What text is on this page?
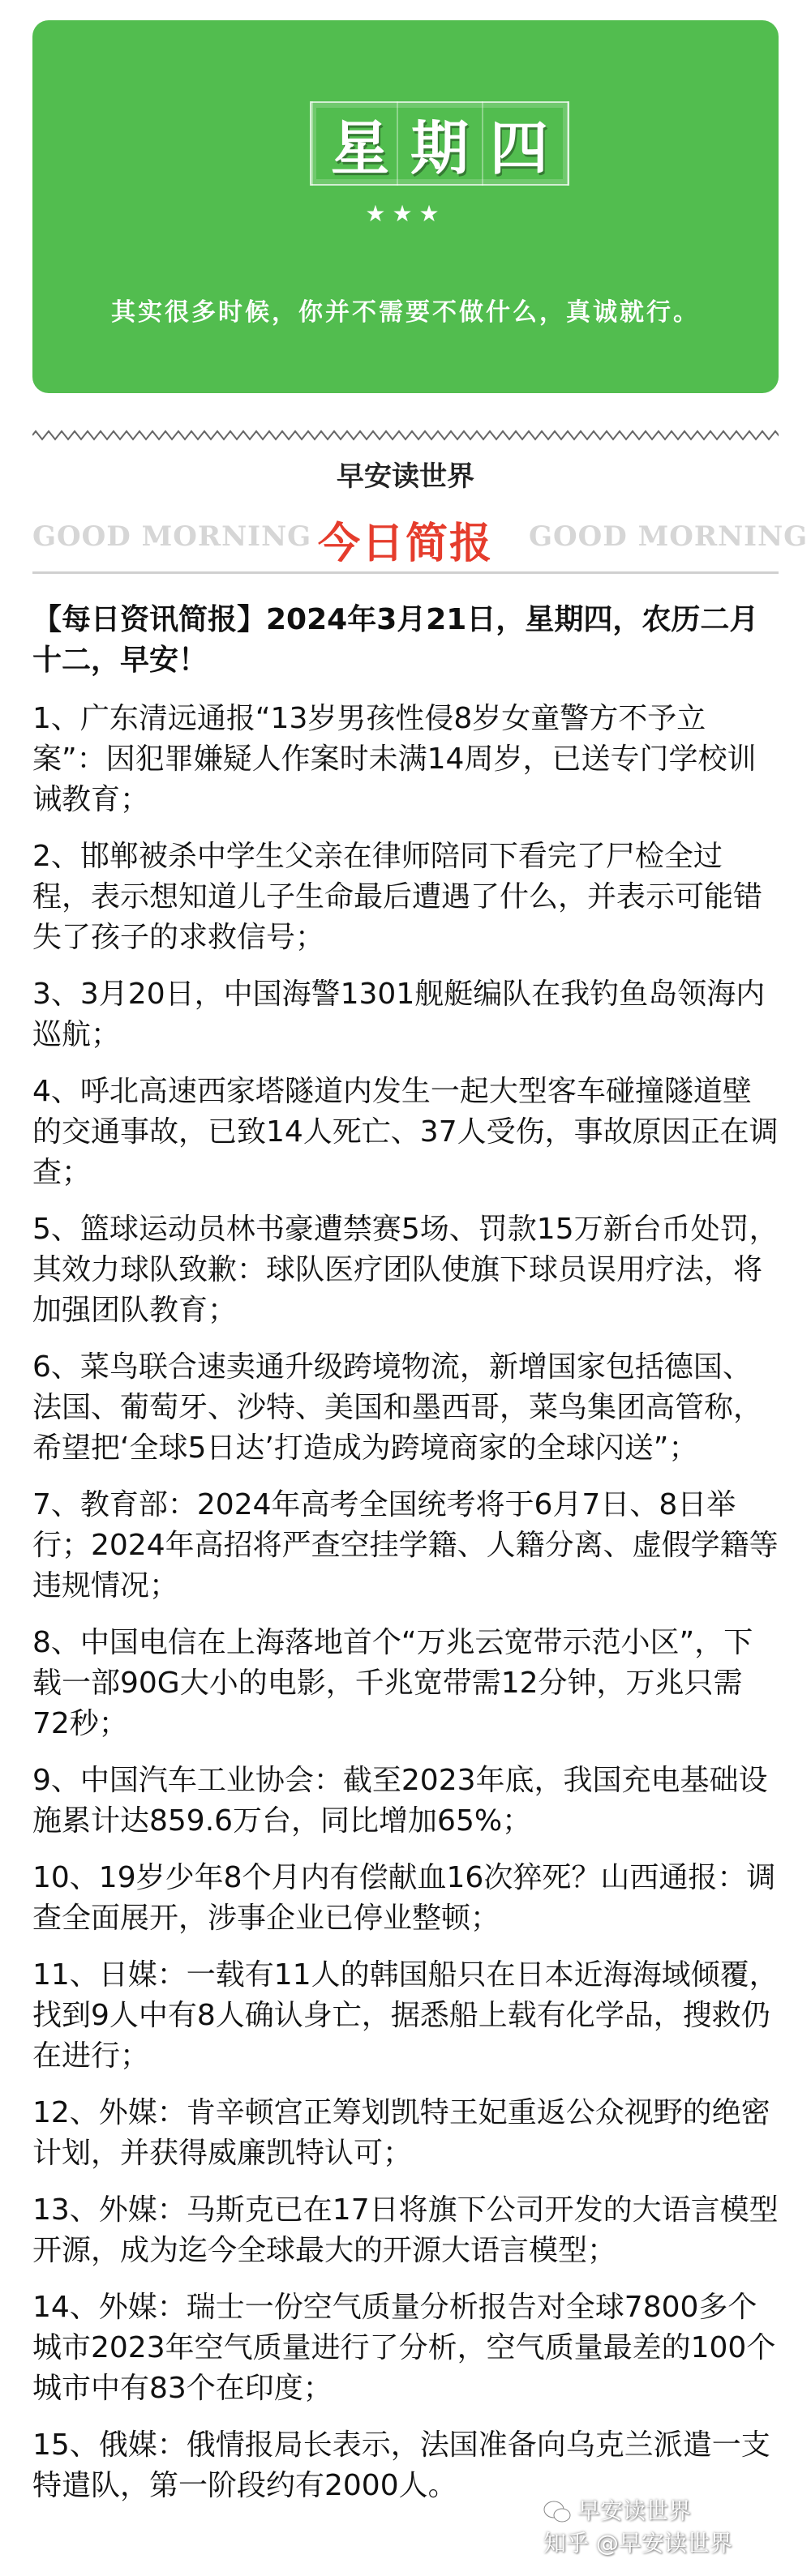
星期四
★★★
其实很多时候，你并不需要不做什么，真诚就行。
早安读世界
GOOD MORNING 今日简报	GOOD MORNING

【每日资讯简报】2024年3月21日，星期四，农历二月十二，早安！

1、广东清远通报“13岁男孩性侵8岁女童警方不予立案”：因犯罪嫌疑人作案时未满14周岁，已送专门学校训诫教育；

2、邯郸被杀中学生父亲在律师陪同下看完了尸检全过程，表示想知道儿子生命最后遭遇了什么，并表示可能错失了孩子的求救信号；

3、3月20日，中国海警1301舰艇编队在我钓鱼岛领海内巡航；

4、呼北高速西家塔隧道内发生一起大型客车碰撞隧道壁的交通事故，已致14人死亡、37人受伤，事故原因正在调查；

5、篮球运动员林书豪遭禁赛5场、罚款15万新台币处罚，其效力球队致歉：球队医疗团队使旗下球员误用疗法，将加强团队教育；

6、菜鸟联合速卖通升级跨境物流，新增国家包括德国、法国、葡萄牙、沙特、美国和墨西哥，菜鸟集团高管称，希望把‘全球5日达’打造成为跨境商家的全球闪送”；

7、教育部：2024年高考全国统考将于6月7日、8日举行；2024年高招将严查空挂学籍、人籍分离、虚假学籍等违规情况；

8、中国电信在上海落地首个“万兆云宽带示范小区”，下载一部90G大小的电影，千兆宽带需12分钟，万兆只需72秒；

9、中国汽车工业协会：截至2023年底，我国充电基础设施累计达859.6万台，同比增加65%；

10、19岁少年8个月内有偿献血16次猝死？山西通报：调查全面展开，涉事企业已停业整顿；

11、日媒：一载有11人的韩国船只在日本近海海域倾覆，找到9人中有8人确认身亡，据悉船上载有化学品，搜救仍在进行；

12、外媒：肯辛顿宫正筹划凯特王妃重返公众视野的绝密计划，并获得威廉凯特认可；

13、外媒：马斯克已在17日将旗下公司开发的大语言模型开源，成为迄今全球最大的开源大语言模型；

14、外媒：瑞士一份空气质量分析报告对全球7800多个城市2023年空气质量进行了分析，空气质量最差的100个城市中有83个在印度；

15、俄媒：俄情报局长表示，法国准备向乌克兰派遣一支特遣队，第一阶段约有2000人。

早安读世界
知乎 @早安读世界
